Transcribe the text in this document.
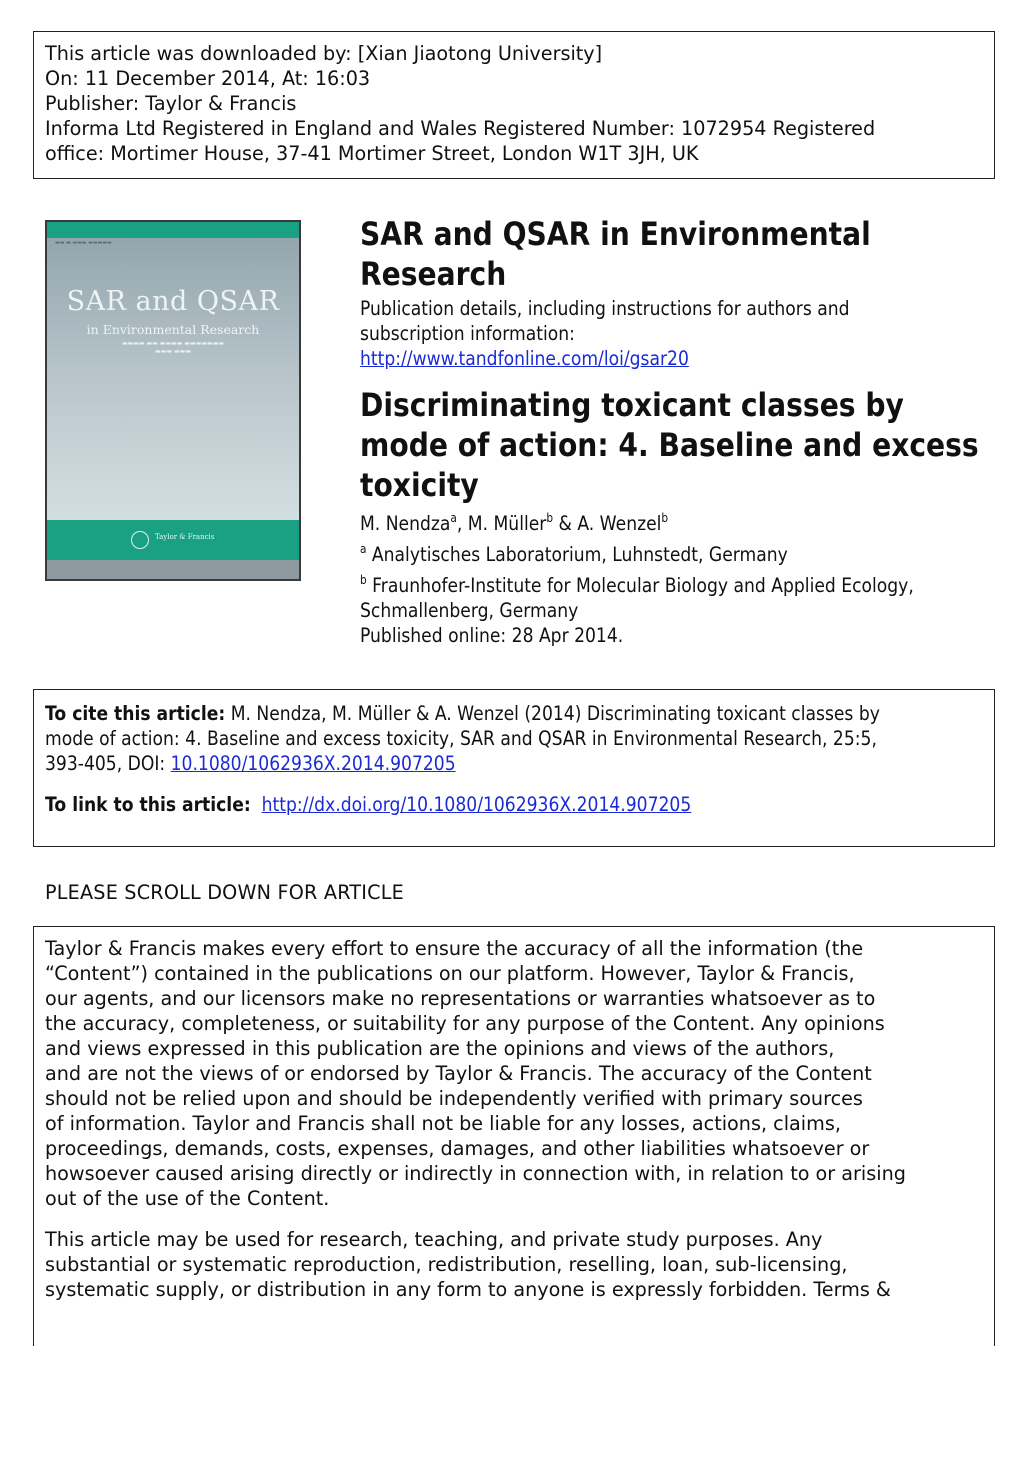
This article was downloaded by: [Xian Jiaotong University]
On: 11 December 2014, At: 16:03
Publisher: Taylor & Francis
Informa Ltd Registered in England and Wales Registered Number: 1072954 Registered
office: Mortimer House, 37-41 Mortimer Street, London W1T 3JH, UK
▬▬ ▬ ▬▬▬ ▬▬▬▬▬
SAR and QSAR
in Environmental Research
▬▬▬▬ ▬▬ ▬▬▬▬ ▬▬▬▬▬▬▬
▬▬▬ ▬▬▬
Taylor & Francis
SAR and QSAR in Environmental Research
Publication details, including instructions for authors and
subscription information:
http://www.tandfonline.com/loi/gsar20
Discriminating toxicant classes by mode of action: 4. Baseline and excess toxicity
M. Nendza$^a$, M. Müller$^b$ & A. Wenzel$^b$
$^a$ Analytisches Laboratorium, Luhnstedt, Germany
$^b$ Fraunhofer-Institute for Molecular Biology and Applied Ecology,
Schmallenberg, Germany
Published online: 28 Apr 2014.
To cite this article: M. Nendza, M. Müller & A. Wenzel (2014) Discriminating toxicant classes by
mode of action: 4. Baseline and excess toxicity, SAR and QSAR in Environmental Research, 25:5,
393-405, DOI: 10.1080/1062936X.2014.907205
To link to this article: http://dx.doi.org/10.1080/1062936X.2014.907205
PLEASE SCROLL DOWN FOR ARTICLE

Taylor & Francis makes every effort to ensure the accuracy of all the information (the
“Content”) contained in the publications on our platform. However, Taylor & Francis,
our agents, and our licensors make no representations or warranties whatsoever as to
the accuracy, completeness, or suitability for any purpose of the Content. Any opinions
and views expressed in this publication are the opinions and views of the authors,
and are not the views of or endorsed by Taylor & Francis. The accuracy of the Content
should not be relied upon and should be independently verified with primary sources
of information. Taylor and Francis shall not be liable for any losses, actions, claims,
proceedings, demands, costs, expenses, damages, and other liabilities whatsoever or
howsoever caused arising directly or indirectly in connection with, in relation to or arising
out of the use of the Content.

This article may be used for research, teaching, and private study purposes. Any
substantial or systematic reproduction, redistribution, reselling, loan, sub-licensing,
systematic supply, or distribution in any form to anyone is expressly forbidden. Terms &
